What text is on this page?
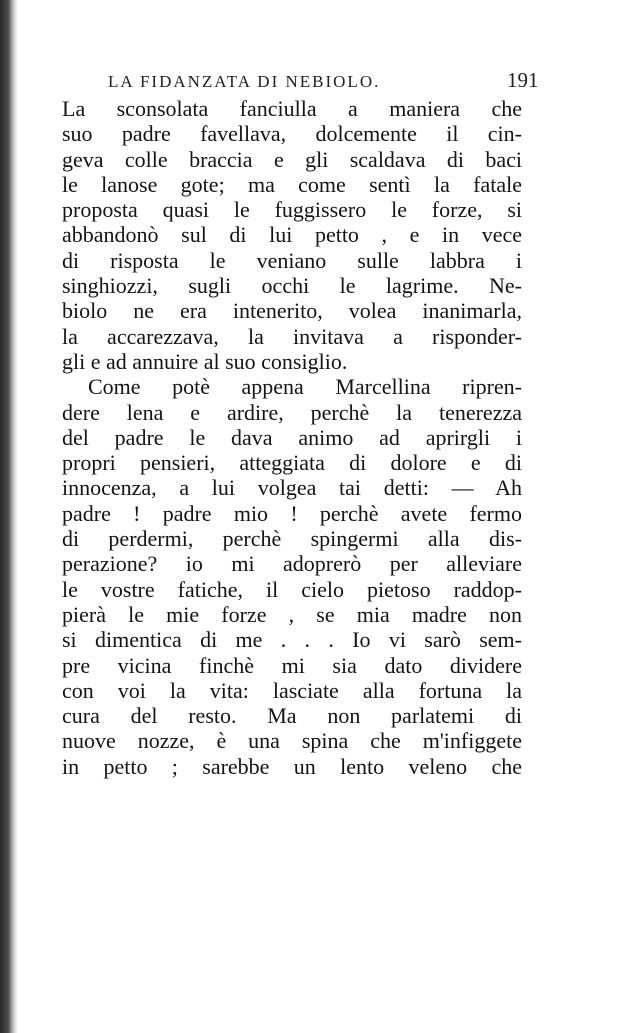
LA FIDANZATA DI NEBIOLO.	191
La sconsolata fanciulla a maniera che
suo padre favellava, dolcemente il cin-
geva colle braccia e gli scaldava di baci
le lanose gote; ma come sentì la fatale
proposta quasi le fuggissero le forze, si
abbandonò sul di lui petto , e in vece
di risposta le veniano sulle labbra i
singhiozzi, sugli occhi le lagrime. Ne-
biolo ne era intenerito, volea inanimarla,
la accarezzava, la invitava a risponder-
gli e ad annuire al suo consiglio.
Come potè appena Marcellina ripren-
dere lena e ardire, perchè la tenerezza
del padre le dava animo ad aprirgli i
propri pensieri, atteggiata di dolore e di
innocenza, a lui volgea tai detti: — Ah
padre ! padre mio ! perchè avete fermo
di perdermi, perchè spingermi alla dis-
perazione? io mi adoprerò per alleviare
le vostre fatiche, il cielo pietoso raddop-
pierà le mie forze , se mia madre non
si dimentica di me . . . Io vi sarò sem-
pre vicina finchè mi sia dato dividere
con voi la vita: lasciate alla fortuna la
cura del resto. Ma non parlatemi di
nuove nozze, è una spina che m'infiggete
in petto ; sarebbe un lento veleno che
